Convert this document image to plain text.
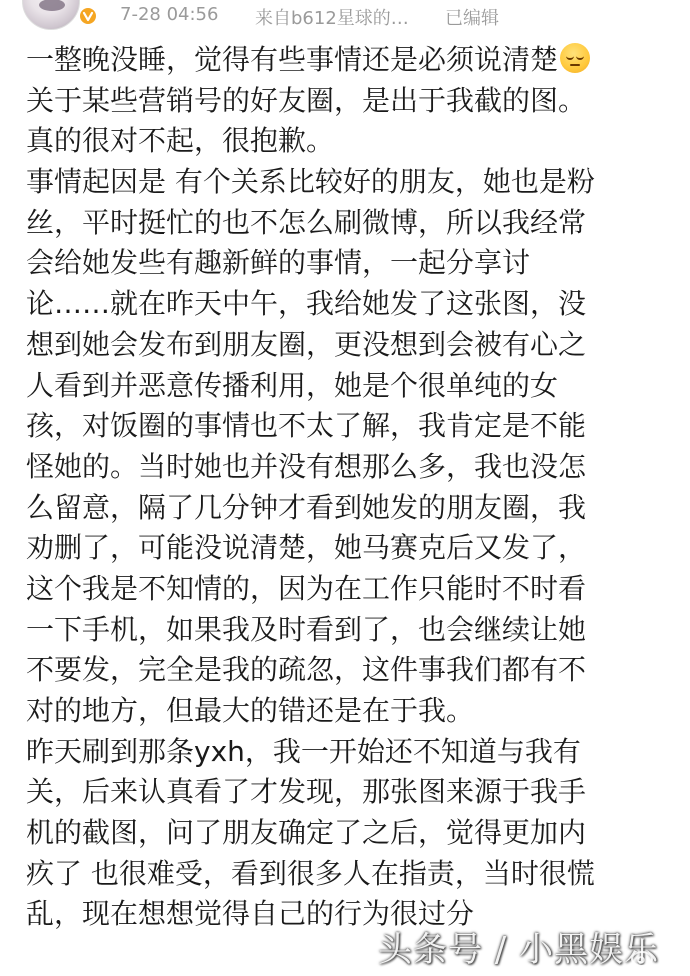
7-28 04:56 来自b612星球的… 已编辑
一整晚没睡，觉得有些事情还是必须说清楚
关于某些营销号的好友圈，是出于我截的图。
真的很对不起，很抱歉。
事情起因是 有个关系比较好的朋友，她也是粉
丝，平时挺忙的也不怎么刷微博，所以我经常
会给她发些有趣新鲜的事情，一起分享讨
论……就在昨天中午，我给她发了这张图，没
想到她会发布到朋友圈，更没想到会被有心之
人看到并恶意传播利用，她是个很单纯的女
孩，对饭圈的事情也不太了解，我肯定是不能
怪她的。当时她也并没有想那么多，我也没怎
么留意，隔了几分钟才看到她发的朋友圈，我
劝删了，可能没说清楚，她马赛克后又发了，
这个我是不知情的，因为在工作只能时不时看
一下手机，如果我及时看到了，也会继续让她
不要发，完全是我的疏忽，这件事我们都有不
对的地方，但最大的错还是在于我。
昨天刷到那条yxh，我一开始还不知道与我有
关，后来认真看了才发现，那张图来源于我手
机的截图，问了朋友确定了之后，觉得更加内
疚了 也很难受，看到很多人在指责，当时很慌
乱，现在想想觉得自己的行为很过分
头条号 / 小黑娱乐
